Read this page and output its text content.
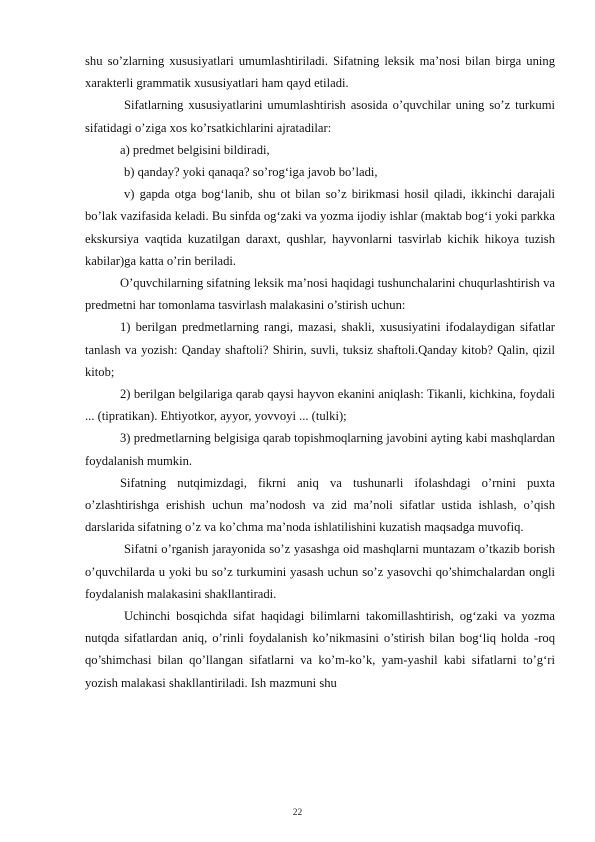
shu so’zlarning xususiyatlari umumlashtiriladi. Sifatning leksik ma’nosi bilan birga uning xarakterli grammatik xususiyatlari ham qayd etiladi.

Sifatlarning xususiyatlarini umumlashtirish asosida o’quvchilar uning so’z turkumi sifatidagi o’ziga xos ko’rsatkichlarini ajratadilar:

a) predmet belgisini bildiradi,

b) qanday? yoki qanaqa? so’rog‘iga javob bo’ladi,

v) gapda otga bog‘lanib, shu ot bilan so’z birikmasi hosil qiladi, ikkinchi darajali bo’lak vazifasida keladi. Bu sinfda og‘zaki va yozma ijodiy ishlar (maktab bog‘i yoki parkka ekskursiya vaqtida kuzatilgan daraxt, qushlar, hayvonlarni tasvirlab kichik hikoya tuzish kabilar)ga katta o’rin beriladi.

O’quvchilarning sifatning leksik ma’nosi haqidagi tushunchalarini chuqurlashtirish va predmetni har tomonlama tasvirlash malakasini o’stirish uchun:

1) berilgan predmetlarning rangi, mazasi, shakli, xususiyatini ifodalaydigan sifatlar tanlash va yozish: Qanday shaftoli? Shirin, suvli, tuksiz shaftoli.Qanday kitob? Qalin, qizil kitob;

2) berilgan belgilariga qarab qaysi hayvon ekanini aniqlash: Tikanli, kichkina, foydali ... (tipratikan). Ehtiyotkor, ayyor, yovvoyi ... (tulki);

3) predmetlarning belgisiga qarab topishmoqlarning javobini ayting kabi mashqlardan foydalanish mumkin.

Sifatning nutqimizdagi, fikrni aniq va tushunarli ifolashdagi o’rnini puxta o’zlashtirishga erishish uchun ma’nodosh va zid ma’noli sifatlar ustida ishlash, o’qish darslarida sifatning o’z va ko’chma ma’noda ishlatilishini kuzatish maqsadga muvofiq.

Sifatni o’rganish jarayonida so’z yasashga oid mashqlarni muntazam o’tkazib borish o’quvchilarda u yoki bu so’z turkumini yasash uchun so’z yasovchi qo’shimchalardan ongli foydalanish malakasini shakllantiradi.

Uchinchi bosqichda sifat haqidagi bilimlarni takomillashtirish, og‘zaki va yozma nutqda sifatlardan aniq, o’rinli foydalanish ko’nikmasini o’stirish bilan bog‘liq holda -roq qo’shimchasi bilan qo’llangan sifatlarni va ko’m-ko’k, yam-yashil kabi sifatlarni to’g‘ri yozish malakasi shakllantiriladi. Ish mazmuni shu

22
